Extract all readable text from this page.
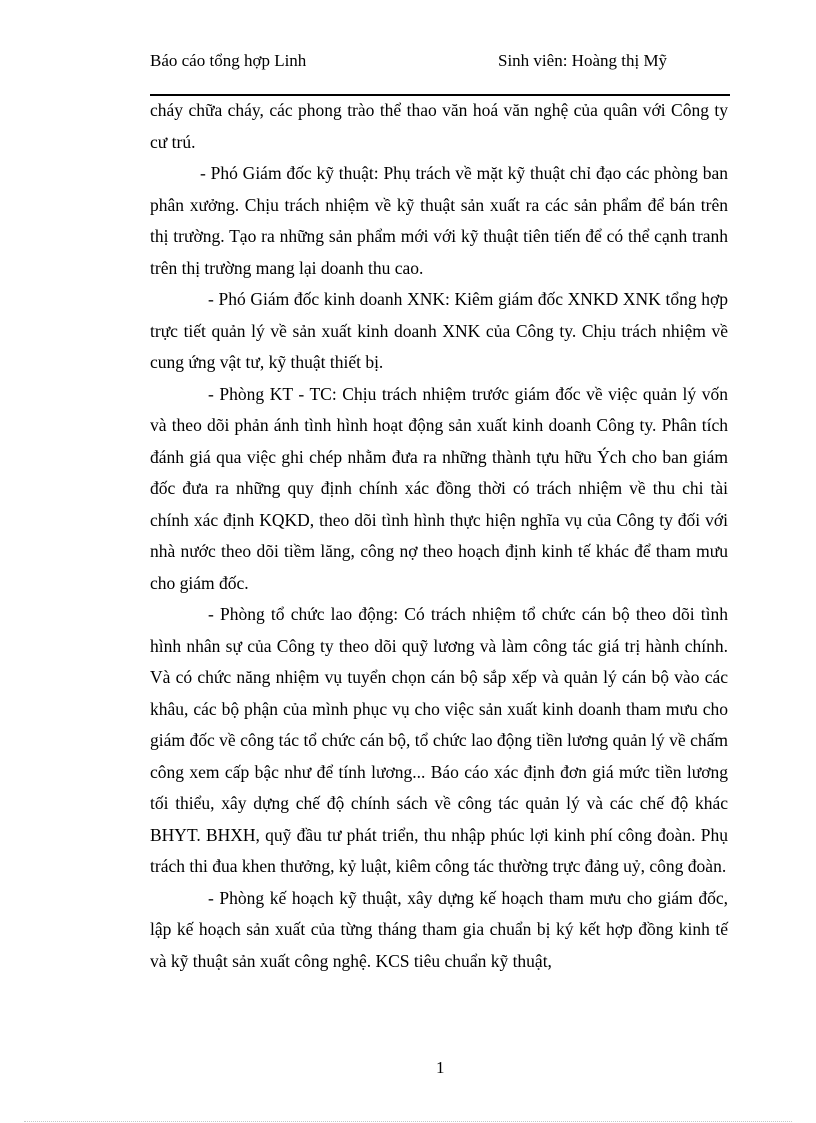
Báo cáo tổng hợp Linh	Sinh viên: Hoàng thị Mỹ

cháy chữa cháy, các phong trào thể thao văn hoá văn nghệ của quân với Công ty cư trú.

- Phó Giám đốc kỹ thuật: Phụ trách về mặt kỹ thuật chỉ đạo các phòng ban phân xưởng. Chịu trách nhiệm về kỹ thuật sản xuất ra các sản phẩm để bán trên thị trường. Tạo ra những sản phẩm mới với kỹ thuật tiên tiến để có thể cạnh tranh trên thị trường mang lại doanh thu cao.

- Phó Giám đốc kinh doanh XNK: Kiêm giám đốc XNKD XNK tổng hợp trực tiết quản lý về sản xuất kinh doanh XNK của Công ty. Chịu trách nhiệm về cung ứng vật tư, kỹ thuật thiết bị.

- Phòng KT - TC: Chịu trách nhiệm trước giám đốc về việc quản lý vốn và theo dõi phản ánh tình hình hoạt động sản xuất kinh doanh Công ty. Phân tích đánh giá qua việc ghi chép nhằm đưa ra những thành tựu hữu Ých cho ban giám đốc đưa ra những quy định chính xác đồng thời có trách nhiệm về thu chi tài chính xác định KQKD, theo dõi tình hình thực hiện nghĩa vụ của Công ty đối với nhà nước theo dõi tiềm lăng, công nợ theo hoạch định kinh tế khác để tham mưu cho giám đốc.

- Phòng tổ chức lao động: Có trách nhiệm tổ chức cán bộ theo dõi tình hình nhân sự của Công ty theo dõi quỹ lương và làm công tác giá trị hành chính. Và có chức năng nhiệm vụ tuyển chọn cán bộ sắp xếp và quản lý cán bộ vào các khâu, các bộ phận của mình phục vụ cho việc sản xuất kinh doanh tham mưu cho giám đốc về công tác tổ chức cán bộ, tổ chức lao động tiền lương quản lý về chấm công xem cấp bậc như để tính lương... Báo cáo xác định đơn giá mức tiền lương tối thiểu, xây dựng chế độ chính sách về công tác quản lý và các chế độ khác BHYT. BHXH, quỹ đầu tư phát triển, thu nhập phúc lợi kinh phí công đoàn. Phụ trách thi đua khen thưởng, kỷ luật, kiêm công tác thường trực đảng uỷ, công đoàn.

- Phòng kế hoạch kỹ thuật, xây dựng kế hoạch tham mưu cho giám đốc, lập kế hoạch sản xuất của từng tháng tham gia chuẩn bị ký kết hợp đồng kinh tế và kỹ thuật sản xuất công nghệ. KCS tiêu chuẩn kỹ thuật,

1
